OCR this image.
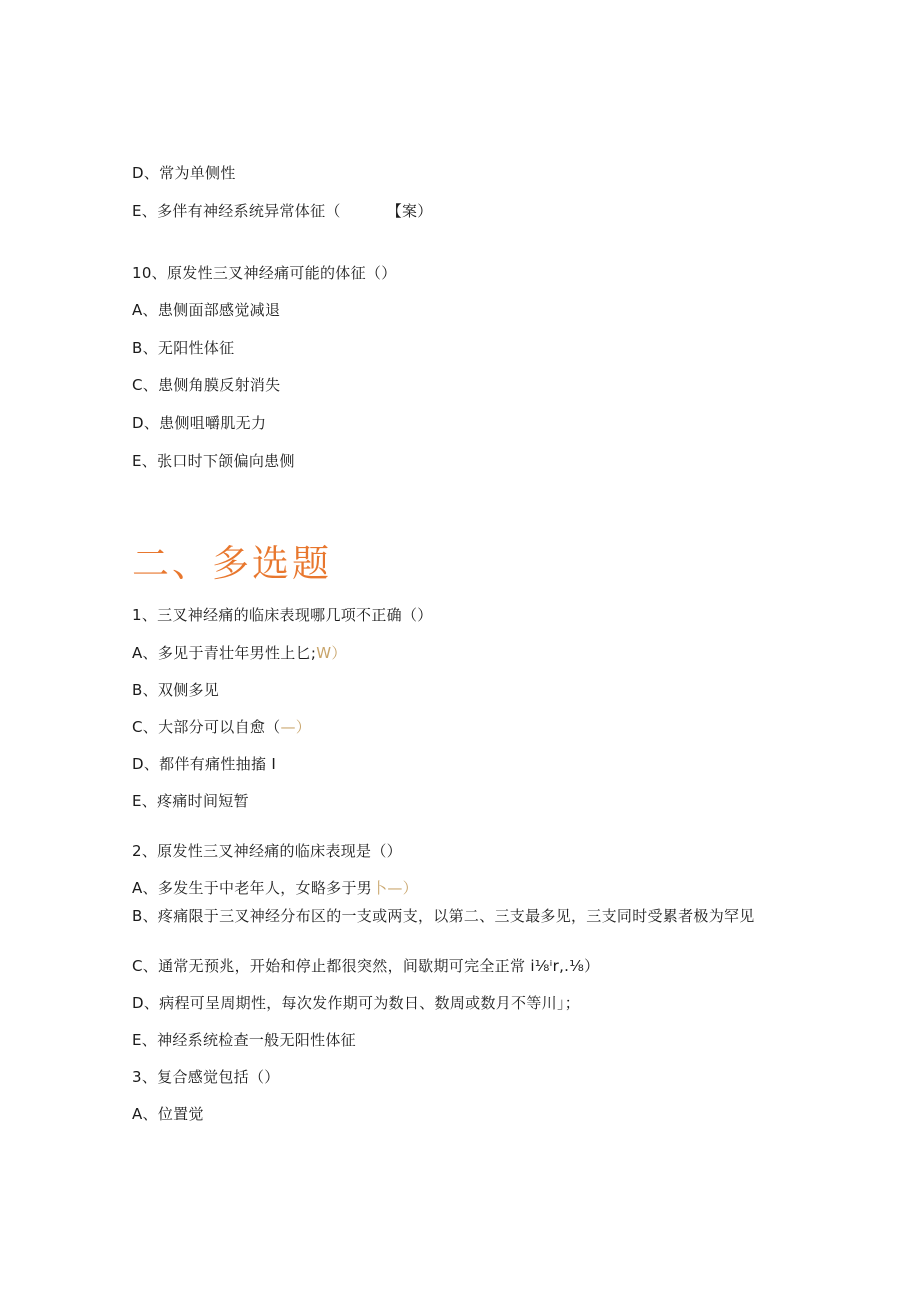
D、常为单侧性
E、多伴有神经系统异常体征（	【案）
10、原发性三叉神经痛可能的体征（）
A、患侧面部感觉减退
B、无阳性体征
C、患侧角膜反射消失
D、患侧咀嚼肌无力
E、张口时下颌偏向患侧
二、多选题
1、三叉神经痛的临床表现哪几项不正确（）
A、多见于青壮年男性上匕;W）
B、双侧多见
C、大部分可以自愈（—）
D、都伴有痛性抽搐 I
E、疼痛时间短暂
2、原发性三叉神经痛的临床表现是（）
A、多发生于中老年人，女略多于男卜—）
B、疼痛限于三叉神经分布区的一支或两支，以第二、三支最多见，三支同时受累者极为罕见
C、通常无预兆，开始和停止都很突然，间歇期可完全正常 i⅛ⁱr,.⅛）
D、病程可呈周期性，每次发作期可为数日、数周或数月不等川」；
E、神经系统检查一般无阳性体征
3、复合感觉包括（）
A、位置觉
